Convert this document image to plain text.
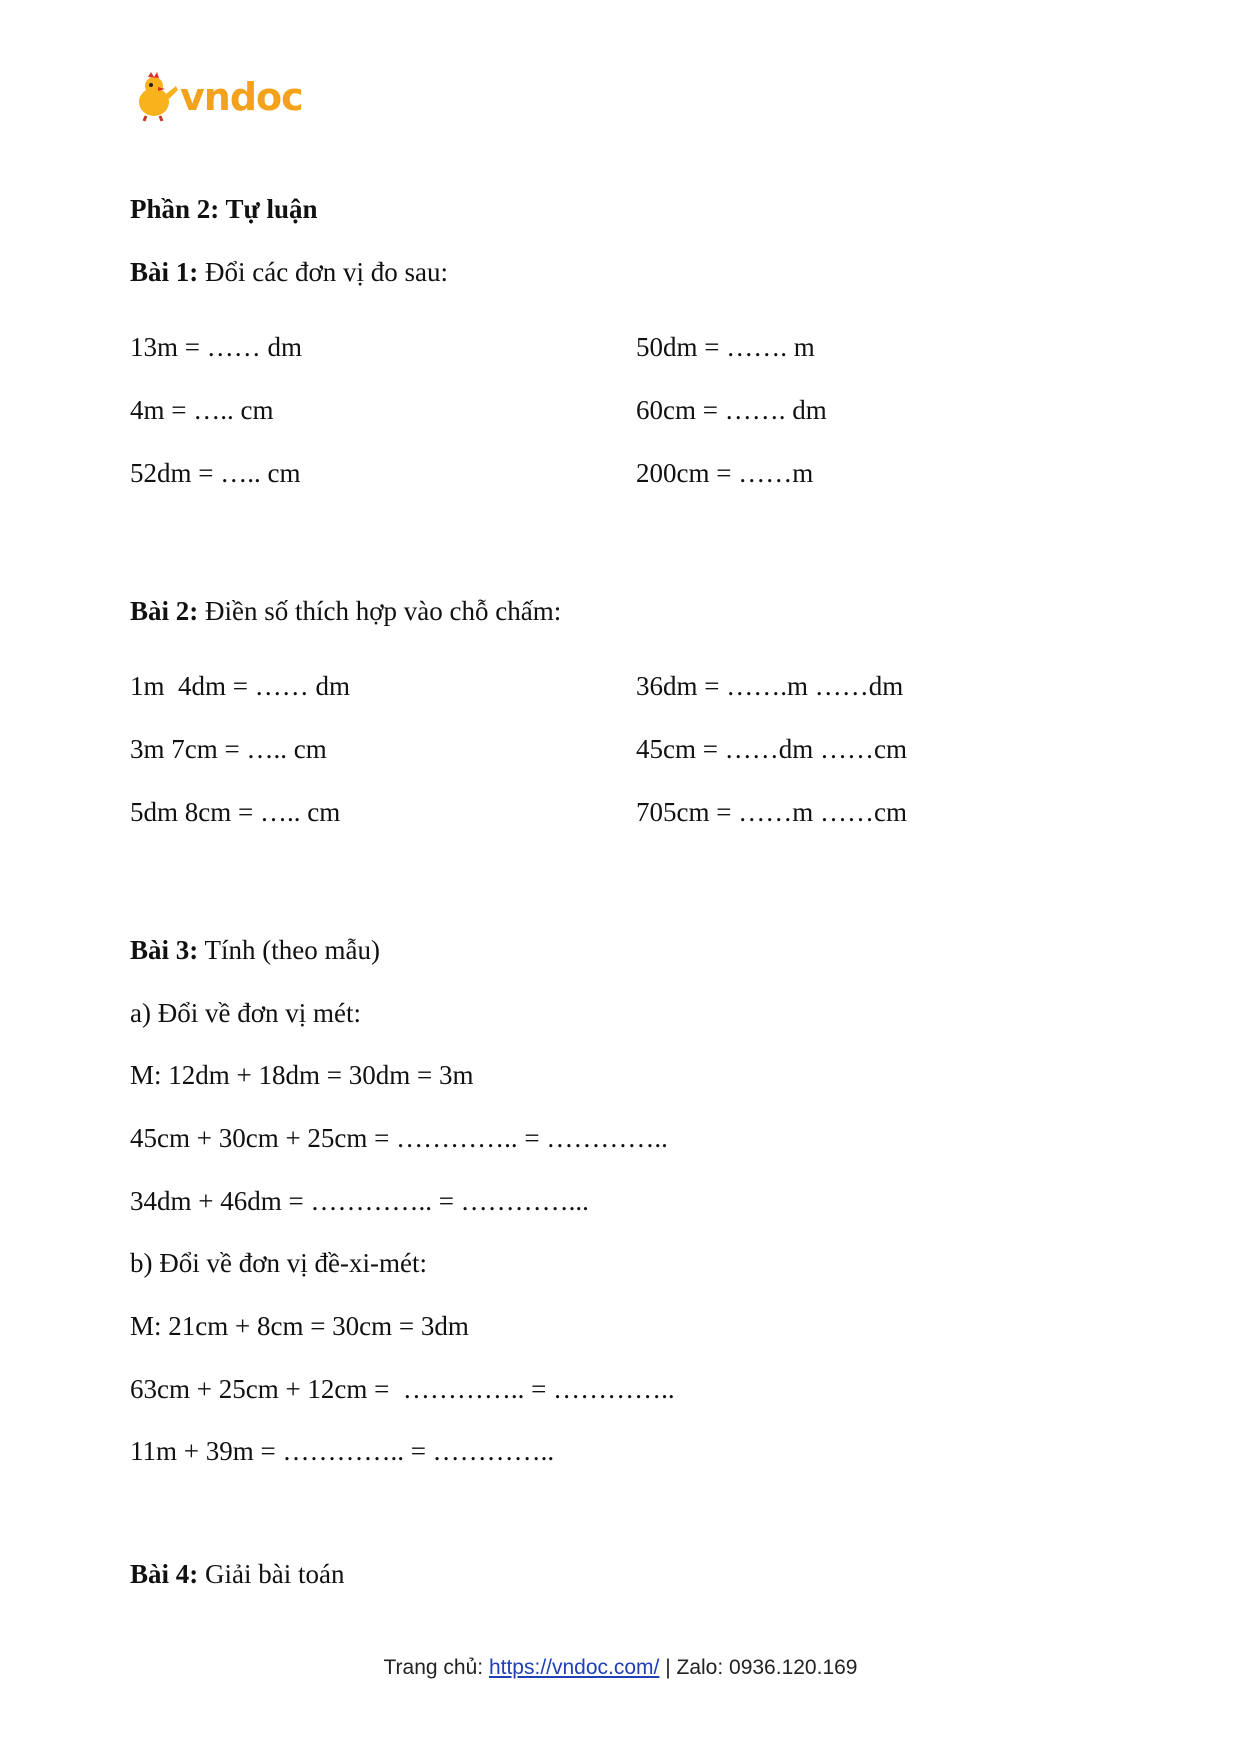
vndoc
Phần 2: Tự luận
Bài 1: Đổi các đơn vị đo sau:
13m = …… dm
4m = ….. cm
52dm = ….. cm
50dm = ……. m
60cm = ……. dm
200cm = ……m
Bài 2: Điền số thích hợp vào chỗ chấm:
1m  4dm = …… dm
3m 7cm = ….. cm
5dm 8cm = ….. cm
36dm = …….m ……dm
45cm = ……dm ……cm
705cm = ……m ……cm
Bài 3: Tính (theo mẫu)
a) Đổi về đơn vị mét:
M: 12dm + 18dm = 30dm = 3m
45cm + 30cm + 25cm = ………….. = …………..
34dm + 46dm = ………….. = …………...
b) Đổi về đơn vị đề-xi-mét:
M: 21cm + 8cm = 30cm = 3dm
63cm + 25cm + 12cm =  ………….. = …………..
11m + 39m = ………….. = …………..
Bài 4: Giải bài toán
Trang chủ: https://vndoc.com/ | Zalo: 0936.120.169
